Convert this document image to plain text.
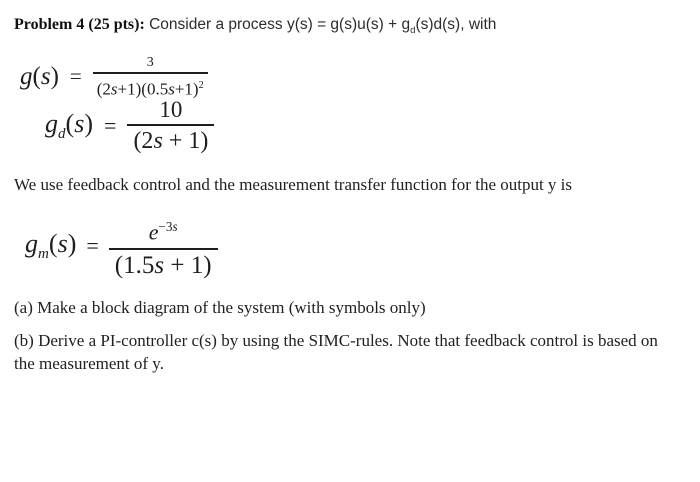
Problem 4 (25 pts): Consider a process $y(s) = g(s)u(s) + g_d(s)d(s)$, with
$g(s) = \frac{3}{(2s+1)(0.5s+1)^2}$
$g_d(s) = \frac{10}{(2s + 1)}$
We use feedback control and the measurement transfer function for the output y is
$g_m(s) = \frac{e^{-3s}}{(1.5s + 1)}$
(a) Make a block diagram of the system (with symbols only)
(b) Derive a PI-controller c(s) by using the SIMC-rules. Note that feedback control is based on
the measurement of y.
